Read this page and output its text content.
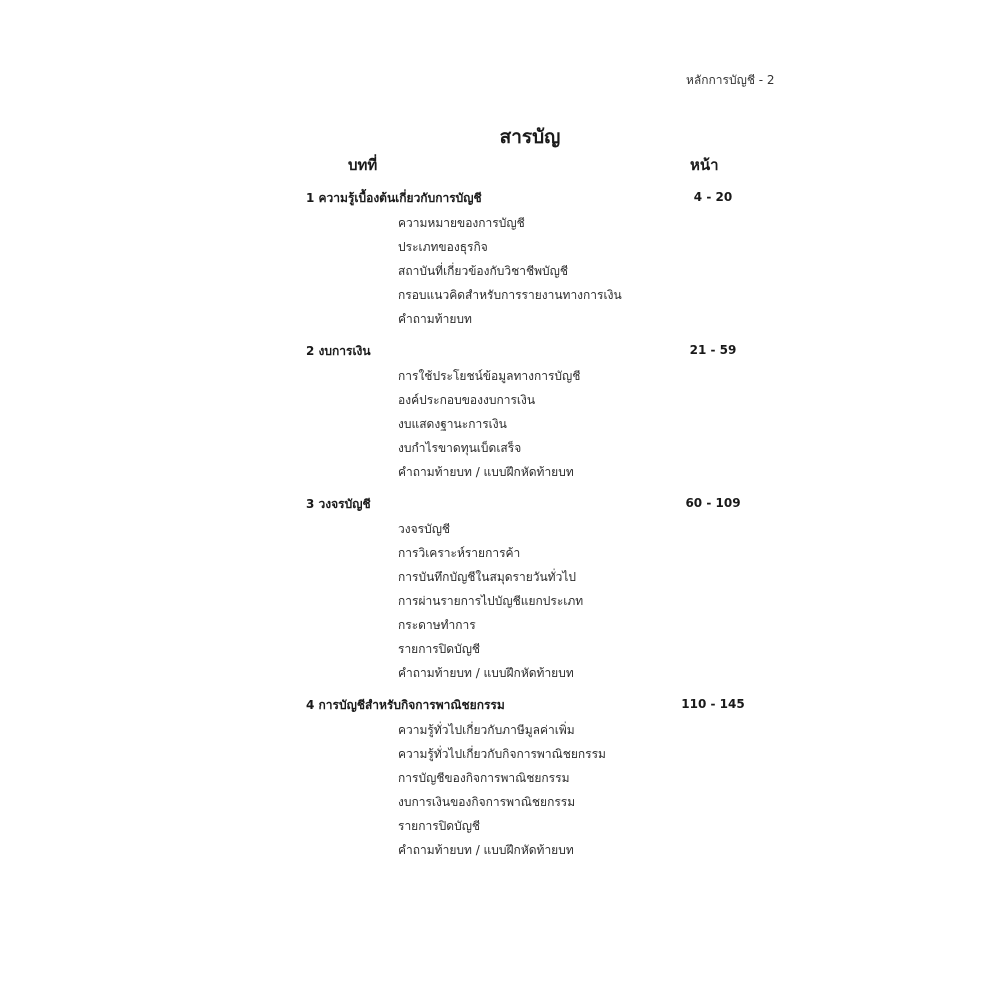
หลักการบัญชี - 2
สารบัญ
บทที่	หน้า
1 ความรู้เบื้องต้นเกี่ยวกับการบัญชี	4 - 20
ความหมายของการบัญชี
ประเภทของธุรกิจ
สถาบันที่เกี่ยวข้องกับวิชาชีพบัญชี
กรอบแนวคิดสำหรับการรายงานทางการเงิน
คำถามท้ายบท
2 งบการเงิน	21 - 59
การใช้ประโยชน์ข้อมูลทางการบัญชี
องค์ประกอบของงบการเงิน
งบแสดงฐานะการเงิน
งบกำไรขาดทุนเบ็ดเสร็จ
คำถามท้ายบท / แบบฝึกหัดท้ายบท
3 วงจรบัญชี	60 - 109
วงจรบัญชี
การวิเคราะห์รายการค้า
การบันทึกบัญชีในสมุดรายวันทั่วไป
การผ่านรายการไปบัญชีแยกประเภท
กระดาษทำการ
รายการปิดบัญชี
คำถามท้ายบท / แบบฝึกหัดท้ายบท
4 การบัญชีสำหรับกิจการพาณิชยกรรม	110 - 145
ความรู้ทั่วไปเกี่ยวกับภาษีมูลค่าเพิ่ม
ความรู้ทั่วไปเกี่ยวกับกิจการพาณิชยกรรม
การบัญชีของกิจการพาณิชยกรรม
งบการเงินของกิจการพาณิชยกรรม
รายการปิดบัญชี
คำถามท้ายบท / แบบฝึกหัดท้ายบท
